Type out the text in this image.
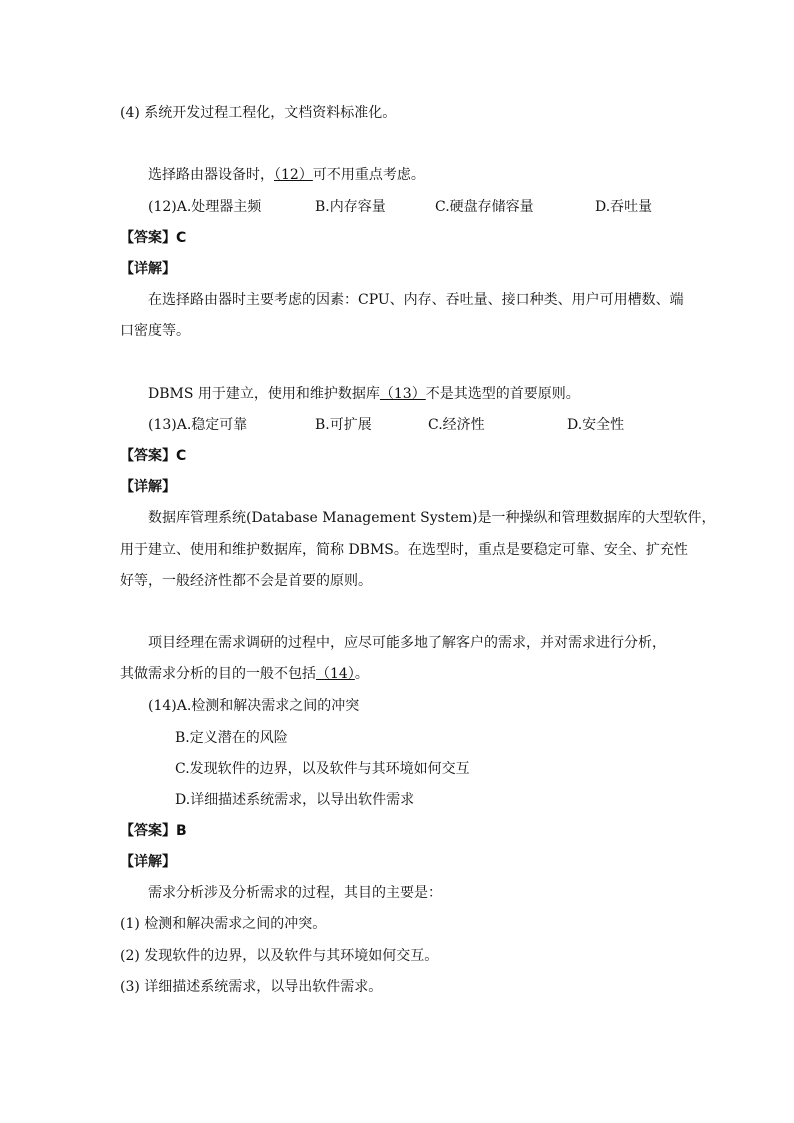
(4) 系统开发过程工程化，文档资料标准化。
选择路由器设备时，（12）可不用重点考虑。
(12)A.处理器主频	B.内存容量	C.硬盘存储容量	D.吞吐量
【答案】C
【详解】
在选择路由器时主要考虑的因素：CPU、内存、吞吐量、接口种类、用户可用槽数、端
口密度等。
DBMS 用于建立，使用和维护数据库（13）不是其选型的首要原则。
(13)A.稳定可靠	B.可扩展	C.经济性	D.安全性
【答案】C
【详解】
数据库管理系统(Database Management System)是一种操纵和管理数据库的大型软件，
用于建立、使用和维护数据库，简称 DBMS。在选型时，重点是要稳定可靠、安全、扩充性
好等，一般经济性都不会是首要的原则。
项目经理在需求调研的过程中，应尽可能多地了解客户的需求，并对需求进行分析，
其做需求分析的目的一般不包括（14）。
(14)A.检测和解决需求之间的冲突
B.定义潜在的风险
C.发现软件的边界，以及软件与其环境如何交互
D.详细描述系统需求，以导出软件需求
【答案】B
【详解】
需求分析涉及分析需求的过程，其目的主要是：
(1) 检测和解决需求之间的冲突。
(2) 发现软件的边界，以及软件与其环境如何交互。
(3) 详细描述系统需求，以导出软件需求。
